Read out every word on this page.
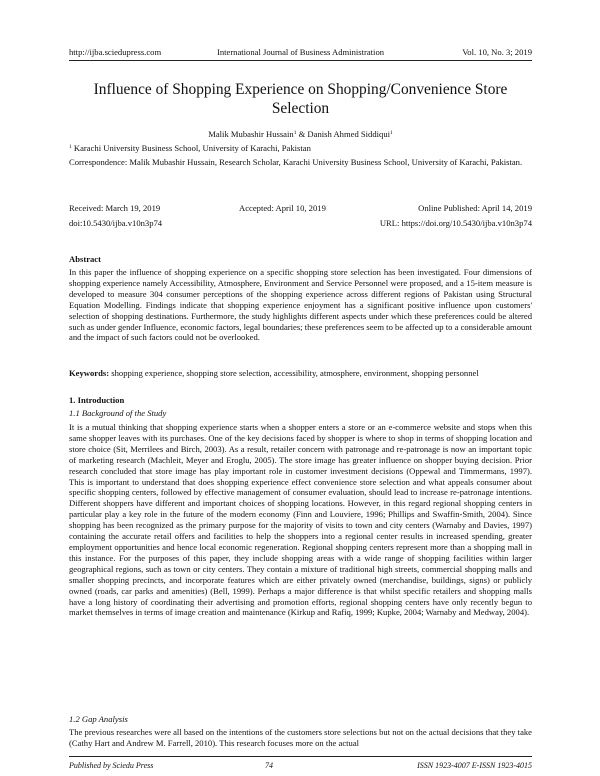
http://ijba.sciedupress.com	International Journal of Business Administration	Vol. 10, No. 3; 2019
Influence of Shopping Experience on Shopping/Convenience Store Selection
Malik Mubashir Hussain$^1$ & Danish Ahmed Siddiqui$^1$
$^1$ Karachi University Business School, University of Karachi, Pakistan
Correspondence: Malik Mubashir Hussain, Research Scholar, Karachi University Business School, University of Karachi, Pakistan.
Received: March 19, 2019	Accepted: April 10, 2019	Online Published: April 14, 2019
doi:10.5430/ijba.v10n3p74	URL: https://doi.org/10.5430/ijba.v10n3p74
Abstract
In this paper the influence of shopping experience on a specific shopping store selection has been investigated. Four dimensions of shopping experience namely Accessibility, Atmosphere, Environment and Service Personnel were proposed, and a 15-item measure is developed to measure 304 consumer perceptions of the shopping experience across different regions of Pakistan using Structural Equation Modelling. Findings indicate that shopping experience enjoyment has a significant positive influence upon customers' selection of shopping destinations. Furthermore, the study highlights different aspects under which these preferences could be altered such as under gender Influence, economic factors, legal boundaries; these preferences seem to be affected up to a considerable amount and the impact of such factors could not be overlooked.
Keywords: shopping experience, shopping store selection, accessibility, atmosphere, environment, shopping personnel
1. Introduction
1.1 Background of the Study
It is a mutual thinking that shopping experience starts when a shopper enters a store or an e-commerce website and stops when this same shopper leaves with its purchases. One of the key decisions faced by shopper is where to shop in terms of shopping location and store choice (Sit, Merrilees and Birch, 2003). As a result, retailer concern with patronage and re-patronage is now an important topic of marketing research (Machleit, Meyer and Eroglu, 2005). The store image has greater influence on shopper buying decision. Prior research concluded that store image has play important role in customer investment decisions (Oppewal and Timmermans, 1997). This is important to understand that does shopping experience effect convenience store selection and what appeals consumer about specific shopping centers, followed by effective management of consumer evaluation, should lead to increase re-patronage intentions. Different shoppers have different and important choices of shopping locations. However, in this regard regional shopping centers in particular play a key role in the future of the modern economy (Finn and Louviere, 1996; Phillips and Swaffin-Smith, 2004). Since shopping has been recognized as the primary purpose for the majority of visits to town and city centers (Warnaby and Davies, 1997) containing the accurate retail offers and facilities to help the shoppers into a regional center results in increased spending, greater employment opportunities and hence local economic regeneration. Regional shopping centers represent more than a shopping mall in this instance. For the purposes of this paper, they include shopping areas with a wide range of shopping facilities within larger geographical regions, such as town or city centers. They contain a mixture of traditional high streets, commercial shopping malls and smaller shopping precincts, and incorporate features which are either privately owned (merchandise, buildings, signs) or publicly owned (roads, car parks and amenities) (Bell, 1999). Perhaps a major difference is that whilst specific retailers and shopping malls have a long history of coordinating their advertising and promotion efforts, regional shopping centers have only recently begun to market themselves in terms of image creation and maintenance (Kirkup and Rafiq, 1999; Kupke, 2004; Warnaby and Medway, 2004).
1.2 Gap Analysis
The previous researches were all based on the intentions of the customers store selections but not on the actual decisions that they take (Cathy Hart and Andrew M. Farrell, 2010). This research focuses more on the actual
Published by Sciedu Press	74	ISSN 1923-4007 E-ISSN 1923-4015
